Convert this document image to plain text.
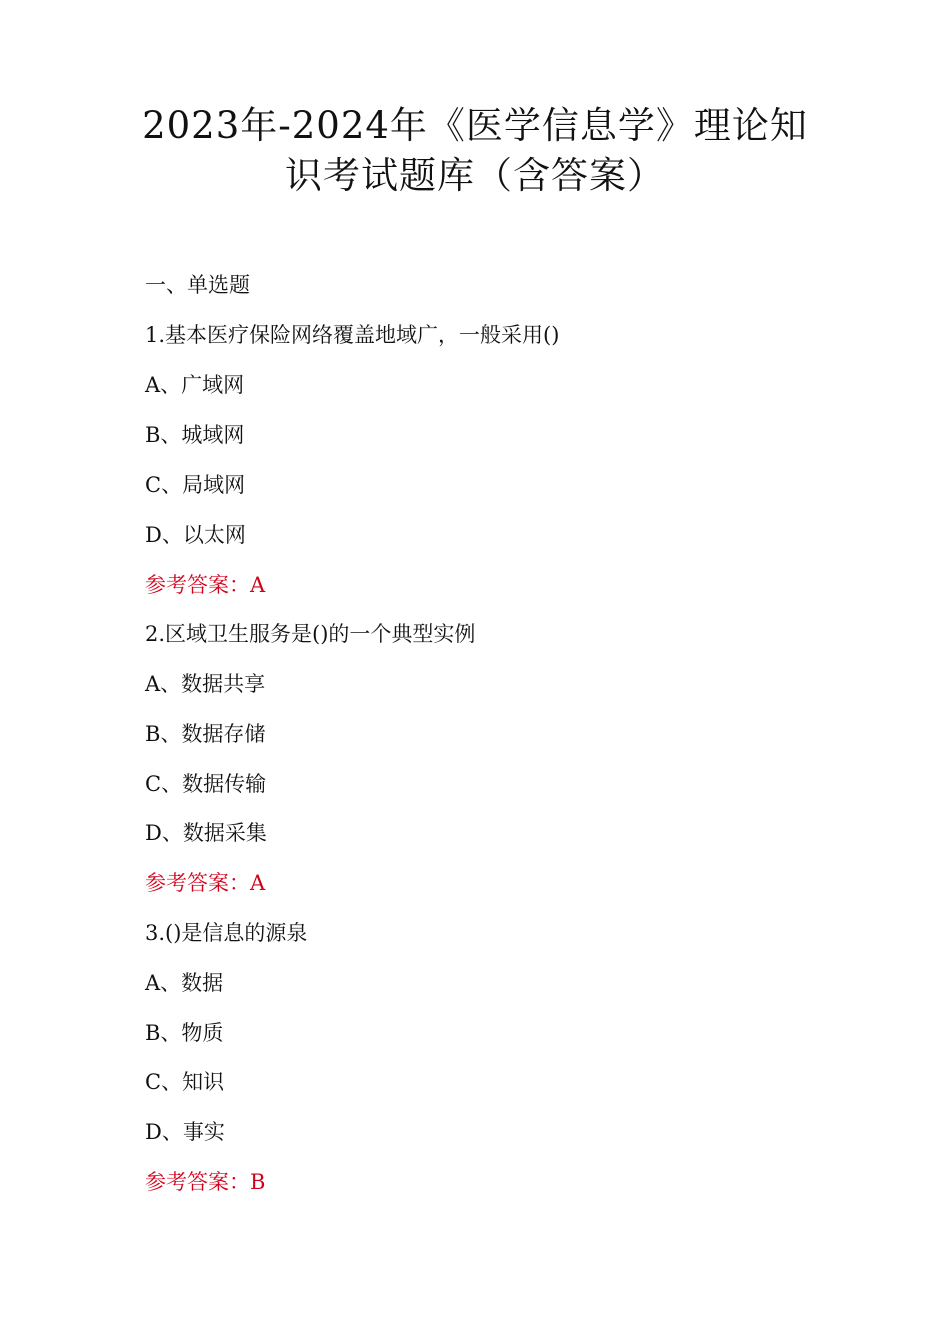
2023年-2024年《医学信息学》理论知
识考试题库（含答案）
一、单选题
1.基本医疗保险网络覆盖地域广，一般采用()
A、广域网
B、城域网
C、局域网
D、以太网
参考答案：A
2.区域卫生服务是()的一个典型实例
A、数据共享
B、数据存储
C、数据传输
D、数据采集
参考答案：A
3.()是信息的源泉
A、数据
B、物质
C、知识
D、事实
参考答案：B
